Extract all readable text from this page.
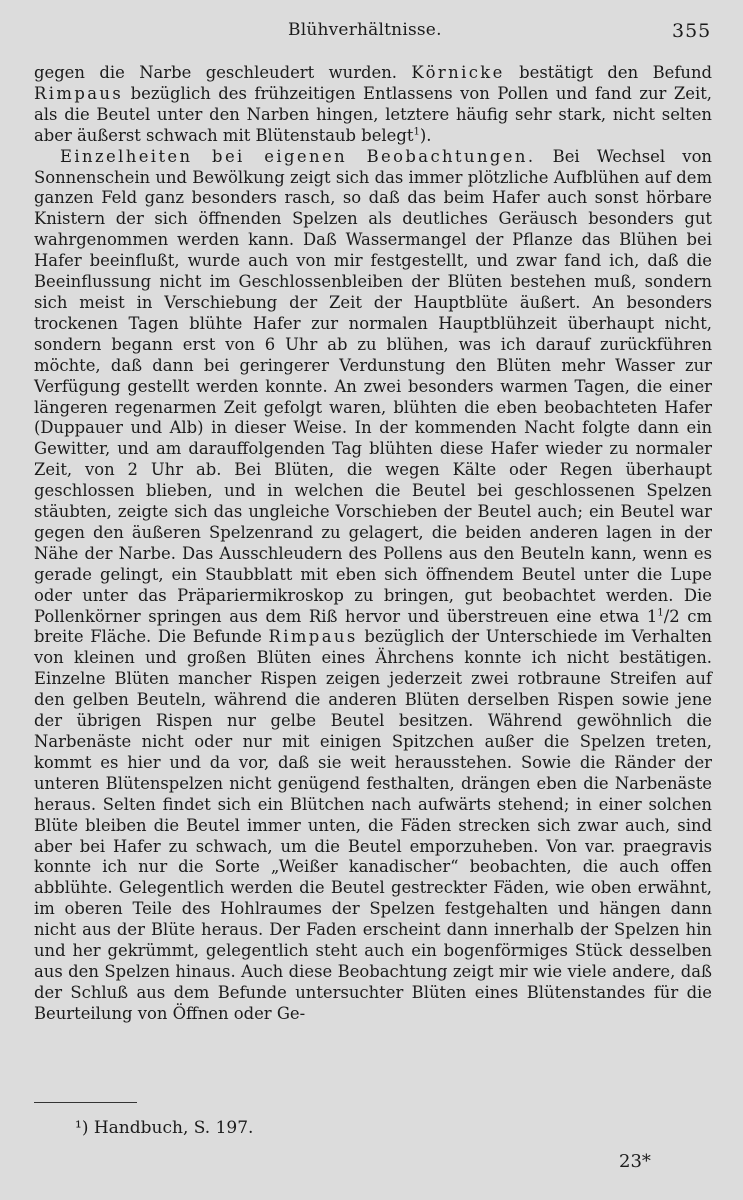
Blühverhältnisse.	355

gegen die Narbe geschleudert wurden. Körnicke bestätigt den Befund Rimpaus bezüglich des frühzeitigen Entlassens von Pollen und fand zur Zeit, als die Beutel unter den Narben hingen, letztere häufig sehr stark, nicht selten aber äußerst schwach mit Blütenstaub belegt$^1$).

Einzelheiten bei eigenen Beobachtungen. Bei Wechsel von Sonnenschein und Bewölkung zeigt sich das immer plötzliche Aufblühen auf dem ganzen Feld ganz besonders rasch, so daß das beim Hafer auch sonst hörbare Knistern der sich öffnenden Spelzen als deutliches Geräusch besonders gut wahrgenommen werden kann. Daß Wassermangel der Pflanze das Blühen bei Hafer beeinflußt, wurde auch von mir festgestellt, und zwar fand ich, daß die Beeinflussung nicht im Geschlossenbleiben der Blüten bestehen muß, sondern sich meist in Verschiebung der Zeit der Hauptblüte äußert. An besonders trockenen Tagen blühte Hafer zur normalen Hauptblühzeit überhaupt nicht, sondern begann erst von 6 Uhr ab zu blühen, was ich darauf zurückführen möchte, daß dann bei geringerer Verdunstung den Blüten mehr Wasser zur Verfügung gestellt werden konnte. An zwei besonders warmen Tagen, die einer längeren regenarmen Zeit gefolgt waren, blühten die eben beobachteten Hafer (Duppauer und Alb) in dieser Weise. In der kommenden Nacht folgte dann ein Gewitter, und am darauffolgenden Tag blühten diese Hafer wieder zu normaler Zeit, von 2 Uhr ab. Bei Blüten, die wegen Kälte oder Regen überhaupt geschlossen blieben, und in welchen die Beutel bei geschlossenen Spelzen stäubten, zeigte sich das ungleiche Vorschieben der Beutel auch; ein Beutel war gegen den äußeren Spelzenrand zu gelagert, die beiden anderen lagen in der Nähe der Narbe. Das Ausschleudern des Pollens aus den Beuteln kann, wenn es gerade gelingt, ein Staubblatt mit eben sich öffnendem Beutel unter die Lupe oder unter das Präpariermikroskop zu bringen, gut beobachtet werden. Die Pollenkörner springen aus dem Riß hervor und überstreuen eine etwa $1^1/2$ cm breite Fläche. Die Befunde Rimpaus bezüglich der Unterschiede im Verhalten von kleinen und großen Blüten eines Ährchens konnte ich nicht bestätigen. Einzelne Blüten mancher Rispen zeigen jederzeit zwei rotbraune Streifen auf den gelben Beuteln, während die anderen Blüten derselben Rispen sowie jene der übrigen Rispen nur gelbe Beutel besitzen. Während gewöhnlich die Narbenäste nicht oder nur mit einigen Spitzchen außer die Spelzen treten, kommt es hier und da vor, daß sie weit herausstehen. Sowie die Ränder der unteren Blütenspelzen nicht genügend festhalten, drängen eben die Narbenäste heraus. Selten findet sich ein Blütchen nach aufwärts stehend; in einer solchen Blüte bleiben die Beutel immer unten, die Fäden strecken sich zwar auch, sind aber bei Hafer zu schwach, um die Beutel emporzuheben. Von var. praegravis konnte ich nur die Sorte „Weißer kanadischer“ beobachten, die auch offen abblühte. Gelegentlich werden die Beutel gestreckter Fäden, wie oben erwähnt, im oberen Teile des Hohlraumes der Spelzen festgehalten und hängen dann nicht aus der Blüte heraus. Der Faden erscheint dann innerhalb der Spelzen hin und her gekrümmt, gelegentlich steht auch ein bogenförmiges Stück desselben aus den Spelzen hinaus. Auch diese Beobachtung zeigt mir wie viele andere, daß der Schluß aus dem Befunde untersuchter Blüten eines Blütenstandes für die Beurteilung von Öffnen oder Ge-

¹) Handbuch, S. 197.
23*
